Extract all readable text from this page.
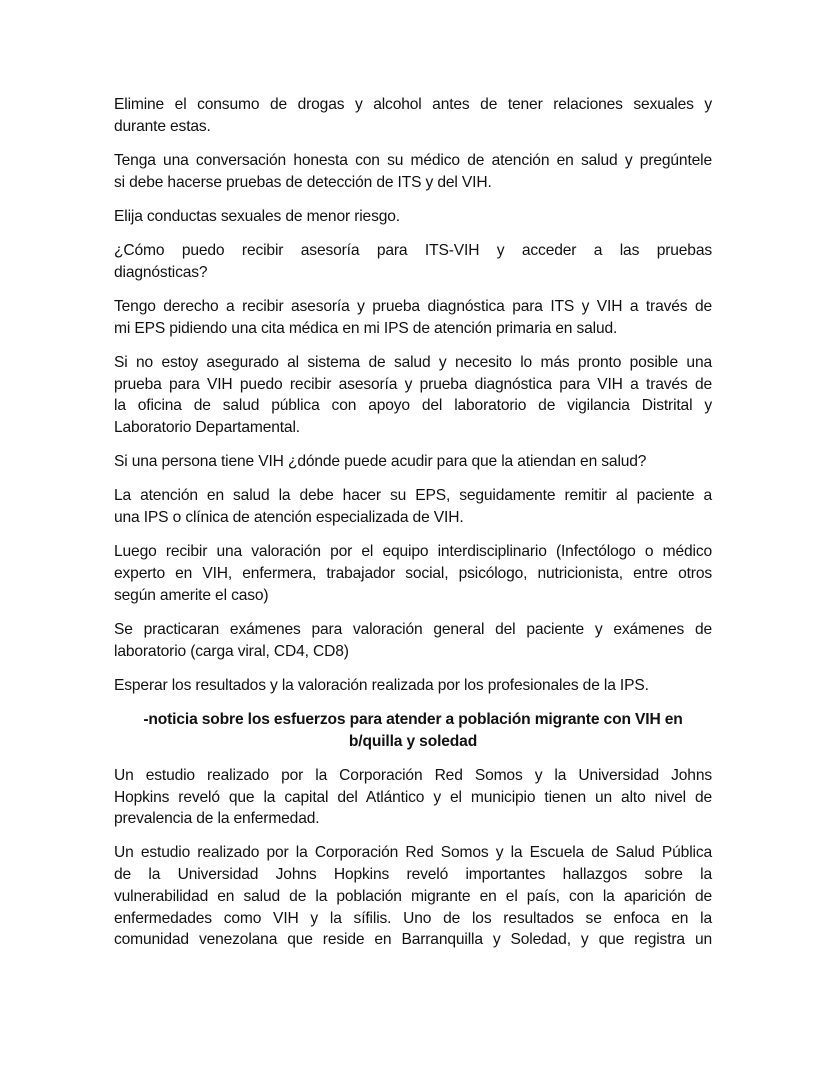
Elimine el consumo de drogas y alcohol antes de tener relaciones sexuales y
durante estas.

Tenga una conversación honesta con su médico de atención en salud y pregúntele
si debe hacerse pruebas de detección de ITS y del VIH.

Elija conductas sexuales de menor riesgo.

¿Cómo puedo recibir asesoría para ITS-VIH y acceder a las pruebas
diagnósticas?

Tengo derecho a recibir asesoría y prueba diagnóstica para ITS y VIH a través de
mi EPS pidiendo una cita médica en mi IPS de atención primaria en salud.

Si no estoy asegurado al sistema de salud y necesito lo más pronto posible una
prueba para VIH puedo recibir asesoría y prueba diagnóstica para VIH a través de
la oficina de salud pública con apoyo del laboratorio de vigilancia Distrital y
Laboratorio Departamental.

Si una persona tiene VIH ¿dónde puede acudir para que la atiendan en salud?

La atención en salud la debe hacer su EPS, seguidamente remitir al paciente a
una IPS o clínica de atención especializada de VIH.

Luego recibir una valoración por el equipo interdisciplinario (Infectólogo o médico
experto en VIH, enfermera, trabajador social, psicólogo, nutricionista, entre otros
según amerite el caso)

Se practicaran exámenes para valoración general del paciente y exámenes de
laboratorio (carga viral, CD4, CD8)

Esperar los resultados y la valoración realizada por los profesionales de la IPS.

-noticia sobre los esfuerzos para atender a población migrante con VIH en
b/quilla y soledad

Un estudio realizado por la Corporación Red Somos y la Universidad Johns
Hopkins reveló que la capital del Atlántico y el municipio tienen un alto nivel de
prevalencia de la enfermedad.

Un estudio realizado por la Corporación Red Somos y la Escuela de Salud Pública
de la Universidad Johns Hopkins reveló importantes hallazgos sobre la
vulnerabilidad en salud de la población migrante en el país, con la aparición de
enfermedades como VIH y la sífilis. Uno de los resultados se enfoca en la
comunidad venezolana que reside en Barranquilla y Soledad, y que registra un
